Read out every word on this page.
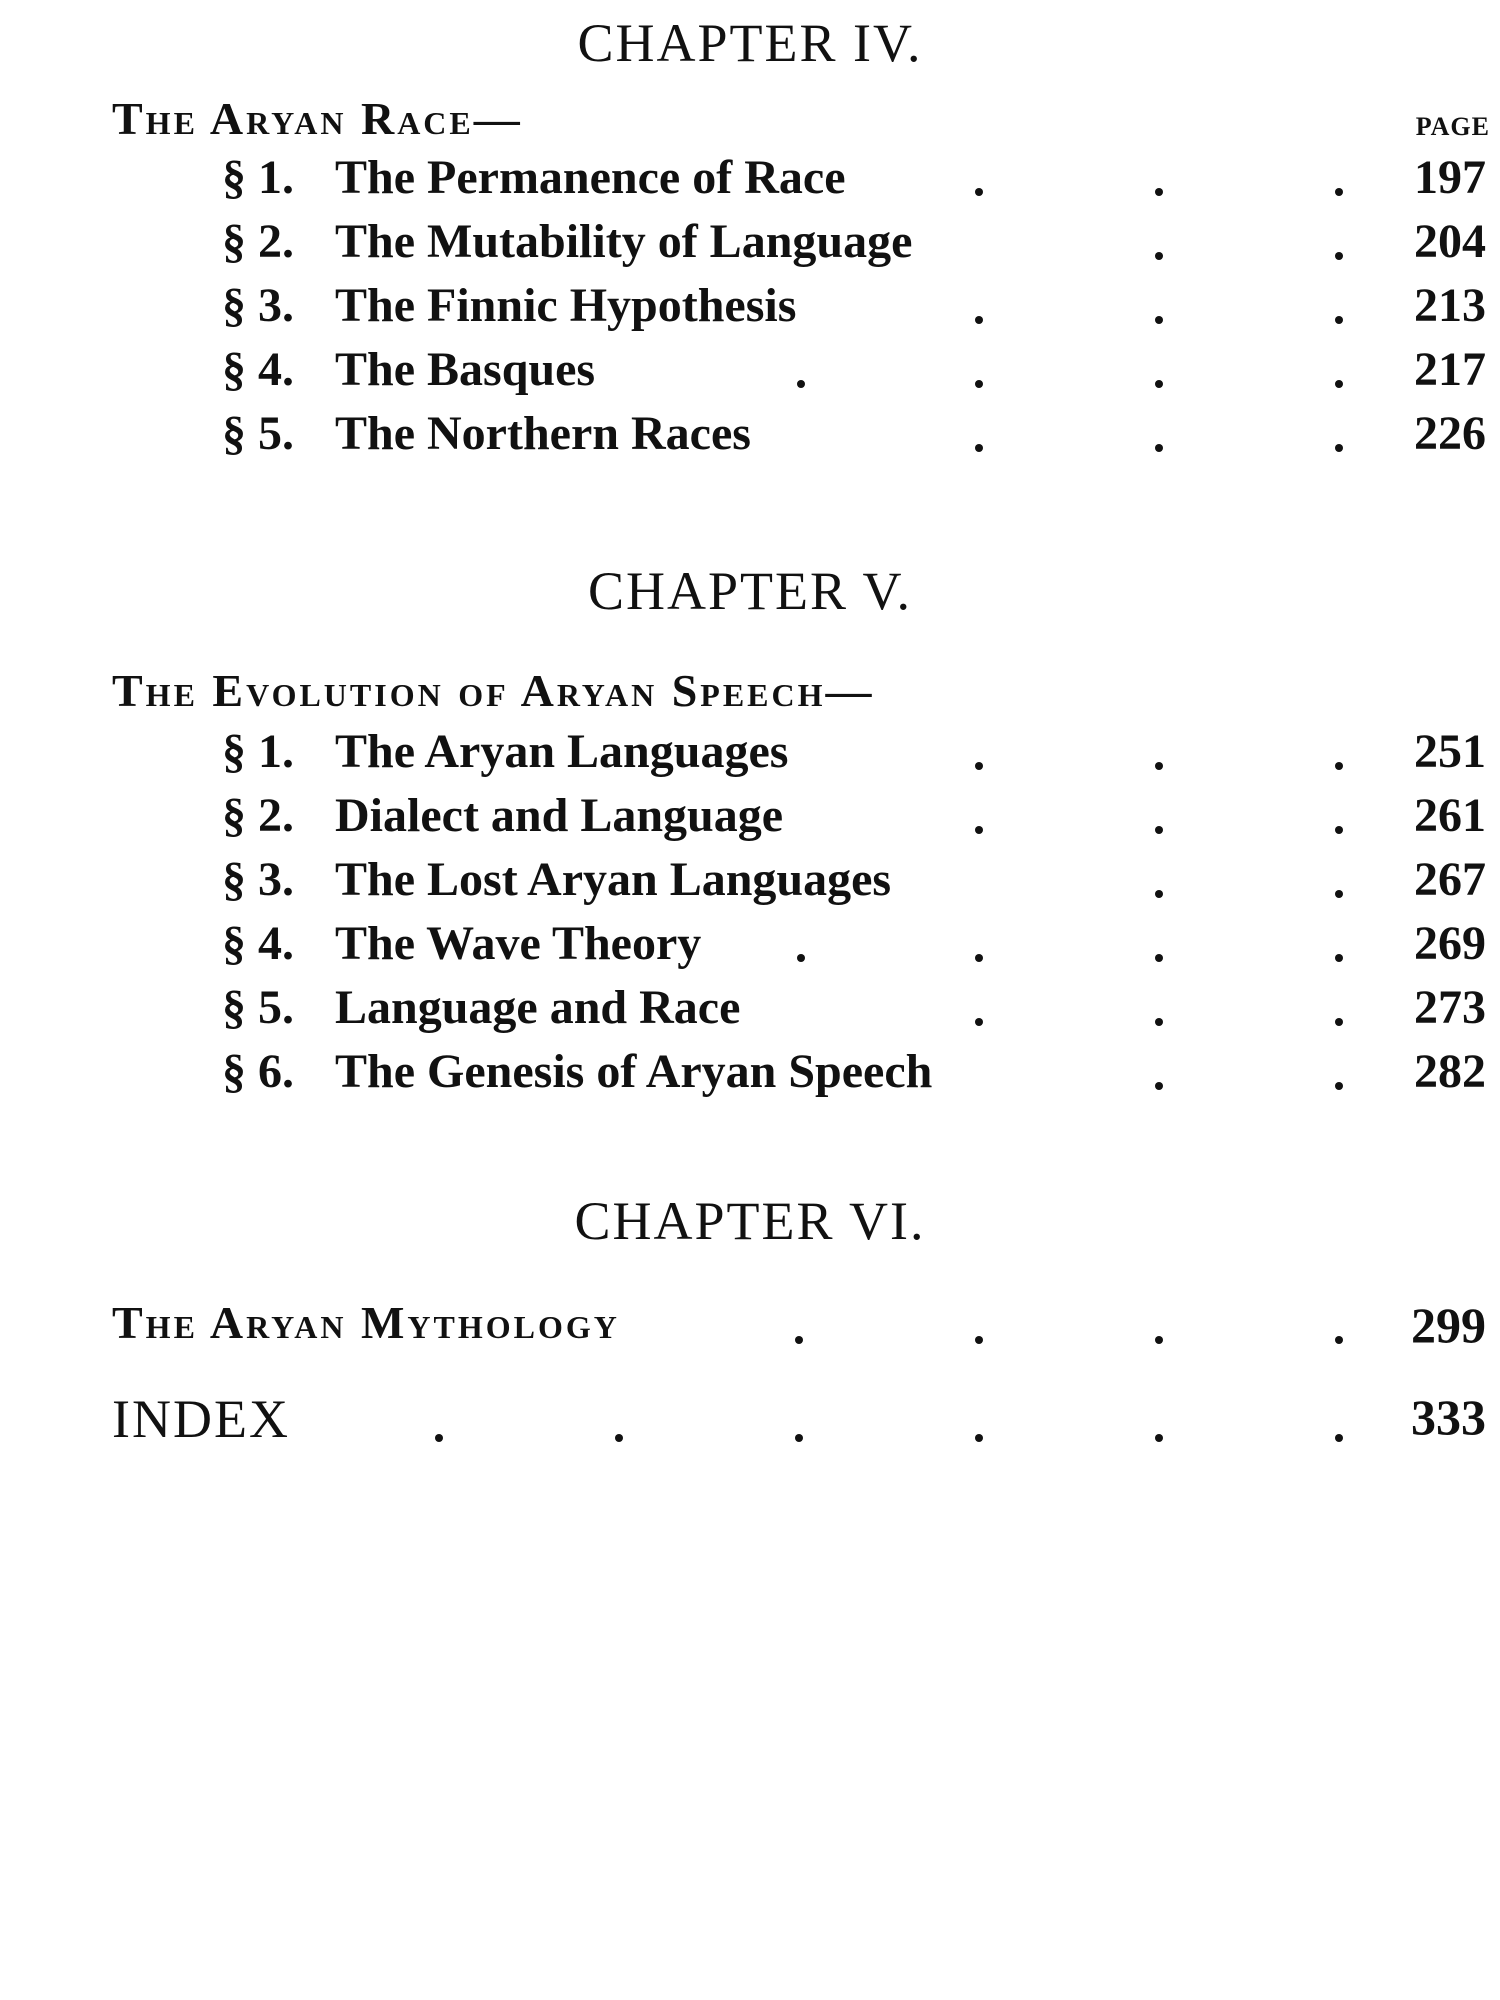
CHAPTER IV.
The Aryan Race—	PAGE
§ 1. The Permanence of Race	197
§ 2. The Mutability of Language	204
§ 3. The Finnic Hypothesis	213
§ 4. The Basques	217
§ 5. The Northern Races	226
CHAPTER V.
The Evolution of Aryan Speech—
§ 1. The Aryan Languages	251
§ 2. Dialect and Language	261
§ 3. The Lost Aryan Languages	267
§ 4. The Wave Theory	269
§ 5. Language and Race	273
§ 6. The Genesis of Aryan Speech	282
CHAPTER VI.
The Aryan Mythology	299
INDEX	333
